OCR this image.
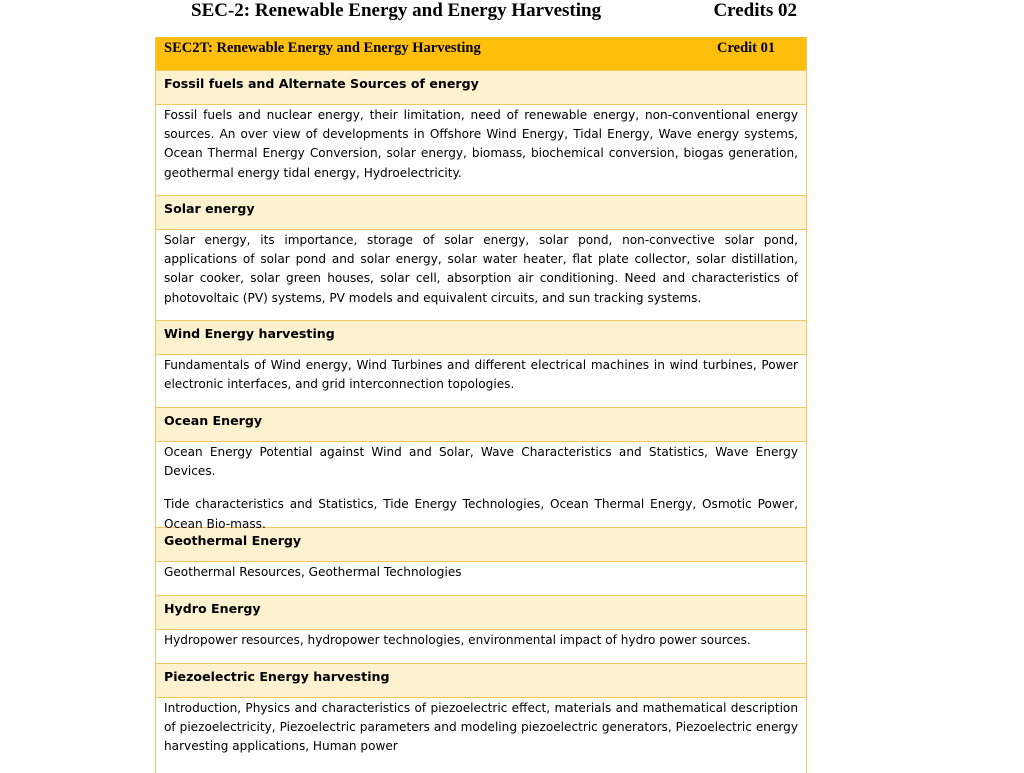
SEC-2: Renewable Energy and Energy Harvesting	Credits 02
SEC2T: Renewable Energy and Energy Harvesting	Credit 01
Fossil fuels and Alternate Sources of energy

Fossil fuels and nuclear energy, their limitation, need of renewable energy, non-conventional energy sources. An over view of developments in Offshore Wind Energy, Tidal Energy, Wave energy systems, Ocean Thermal Energy Conversion, solar energy, biomass, biochemical conversion, biogas generation, geothermal energy tidal energy, Hydroelectricity.

Solar energy

Solar energy, its importance, storage of solar energy, solar pond, non-convective solar pond, applications of solar pond and solar energy, solar water heater, flat plate collector, solar distillation, solar cooker, solar green houses, solar cell, absorption air conditioning. Need and characteristics of photovoltaic (PV) systems, PV models and equivalent circuits, and sun tracking systems.

Wind Energy harvesting

Fundamentals of Wind energy, Wind Turbines and different electrical machines in wind turbines, Power electronic interfaces, and grid interconnection topologies.

Ocean Energy

Ocean Energy Potential against Wind and Solar, Wave Characteristics and Statistics, Wave Energy Devices.

Tide characteristics and Statistics, Tide Energy Technologies, Ocean Thermal Energy, Osmotic Power, Ocean Bio-mass.

Geothermal Energy

Geothermal Resources, Geothermal Technologies

Hydro Energy

Hydropower resources, hydropower technologies, environmental impact of hydro power sources.

Piezoelectric Energy harvesting

Introduction, Physics and characteristics of piezoelectric effect, materials and mathematical description of piezoelectricity, Piezoelectric parameters and modeling piezoelectric generators, Piezoelectric energy harvesting applications, Human power
